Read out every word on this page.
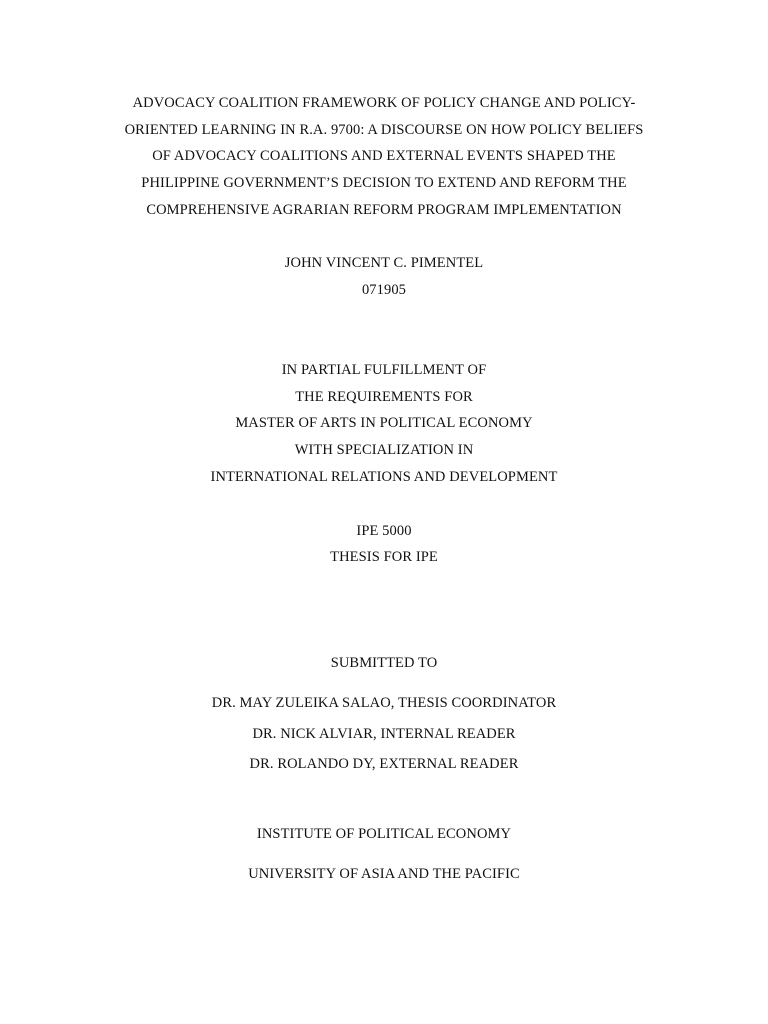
ADVOCACY COALITION FRAMEWORK OF POLICY CHANGE AND POLICY-
ORIENTED LEARNING IN R.A. 9700: A DISCOURSE ON HOW POLICY BELIEFS
OF ADVOCACY COALITIONS AND EXTERNAL EVENTS SHAPED THE
PHILIPPINE GOVERNMENT’S DECISION TO EXTEND AND REFORM THE
COMPREHENSIVE AGRARIAN REFORM PROGRAM IMPLEMENTATION
JOHN VINCENT C. PIMENTEL
071905
IN PARTIAL FULFILLMENT OF
THE REQUIREMENTS FOR
MASTER OF ARTS IN POLITICAL ECONOMY
WITH SPECIALIZATION IN
INTERNATIONAL RELATIONS AND DEVELOPMENT
IPE 5000
THESIS FOR IPE
SUBMITTED TO
DR. MAY ZULEIKA SALAO, THESIS COORDINATOR
DR. NICK ALVIAR, INTERNAL READER
DR. ROLANDO DY, EXTERNAL READER
INSTITUTE OF POLITICAL ECONOMY
UNIVERSITY OF ASIA AND THE PACIFIC
